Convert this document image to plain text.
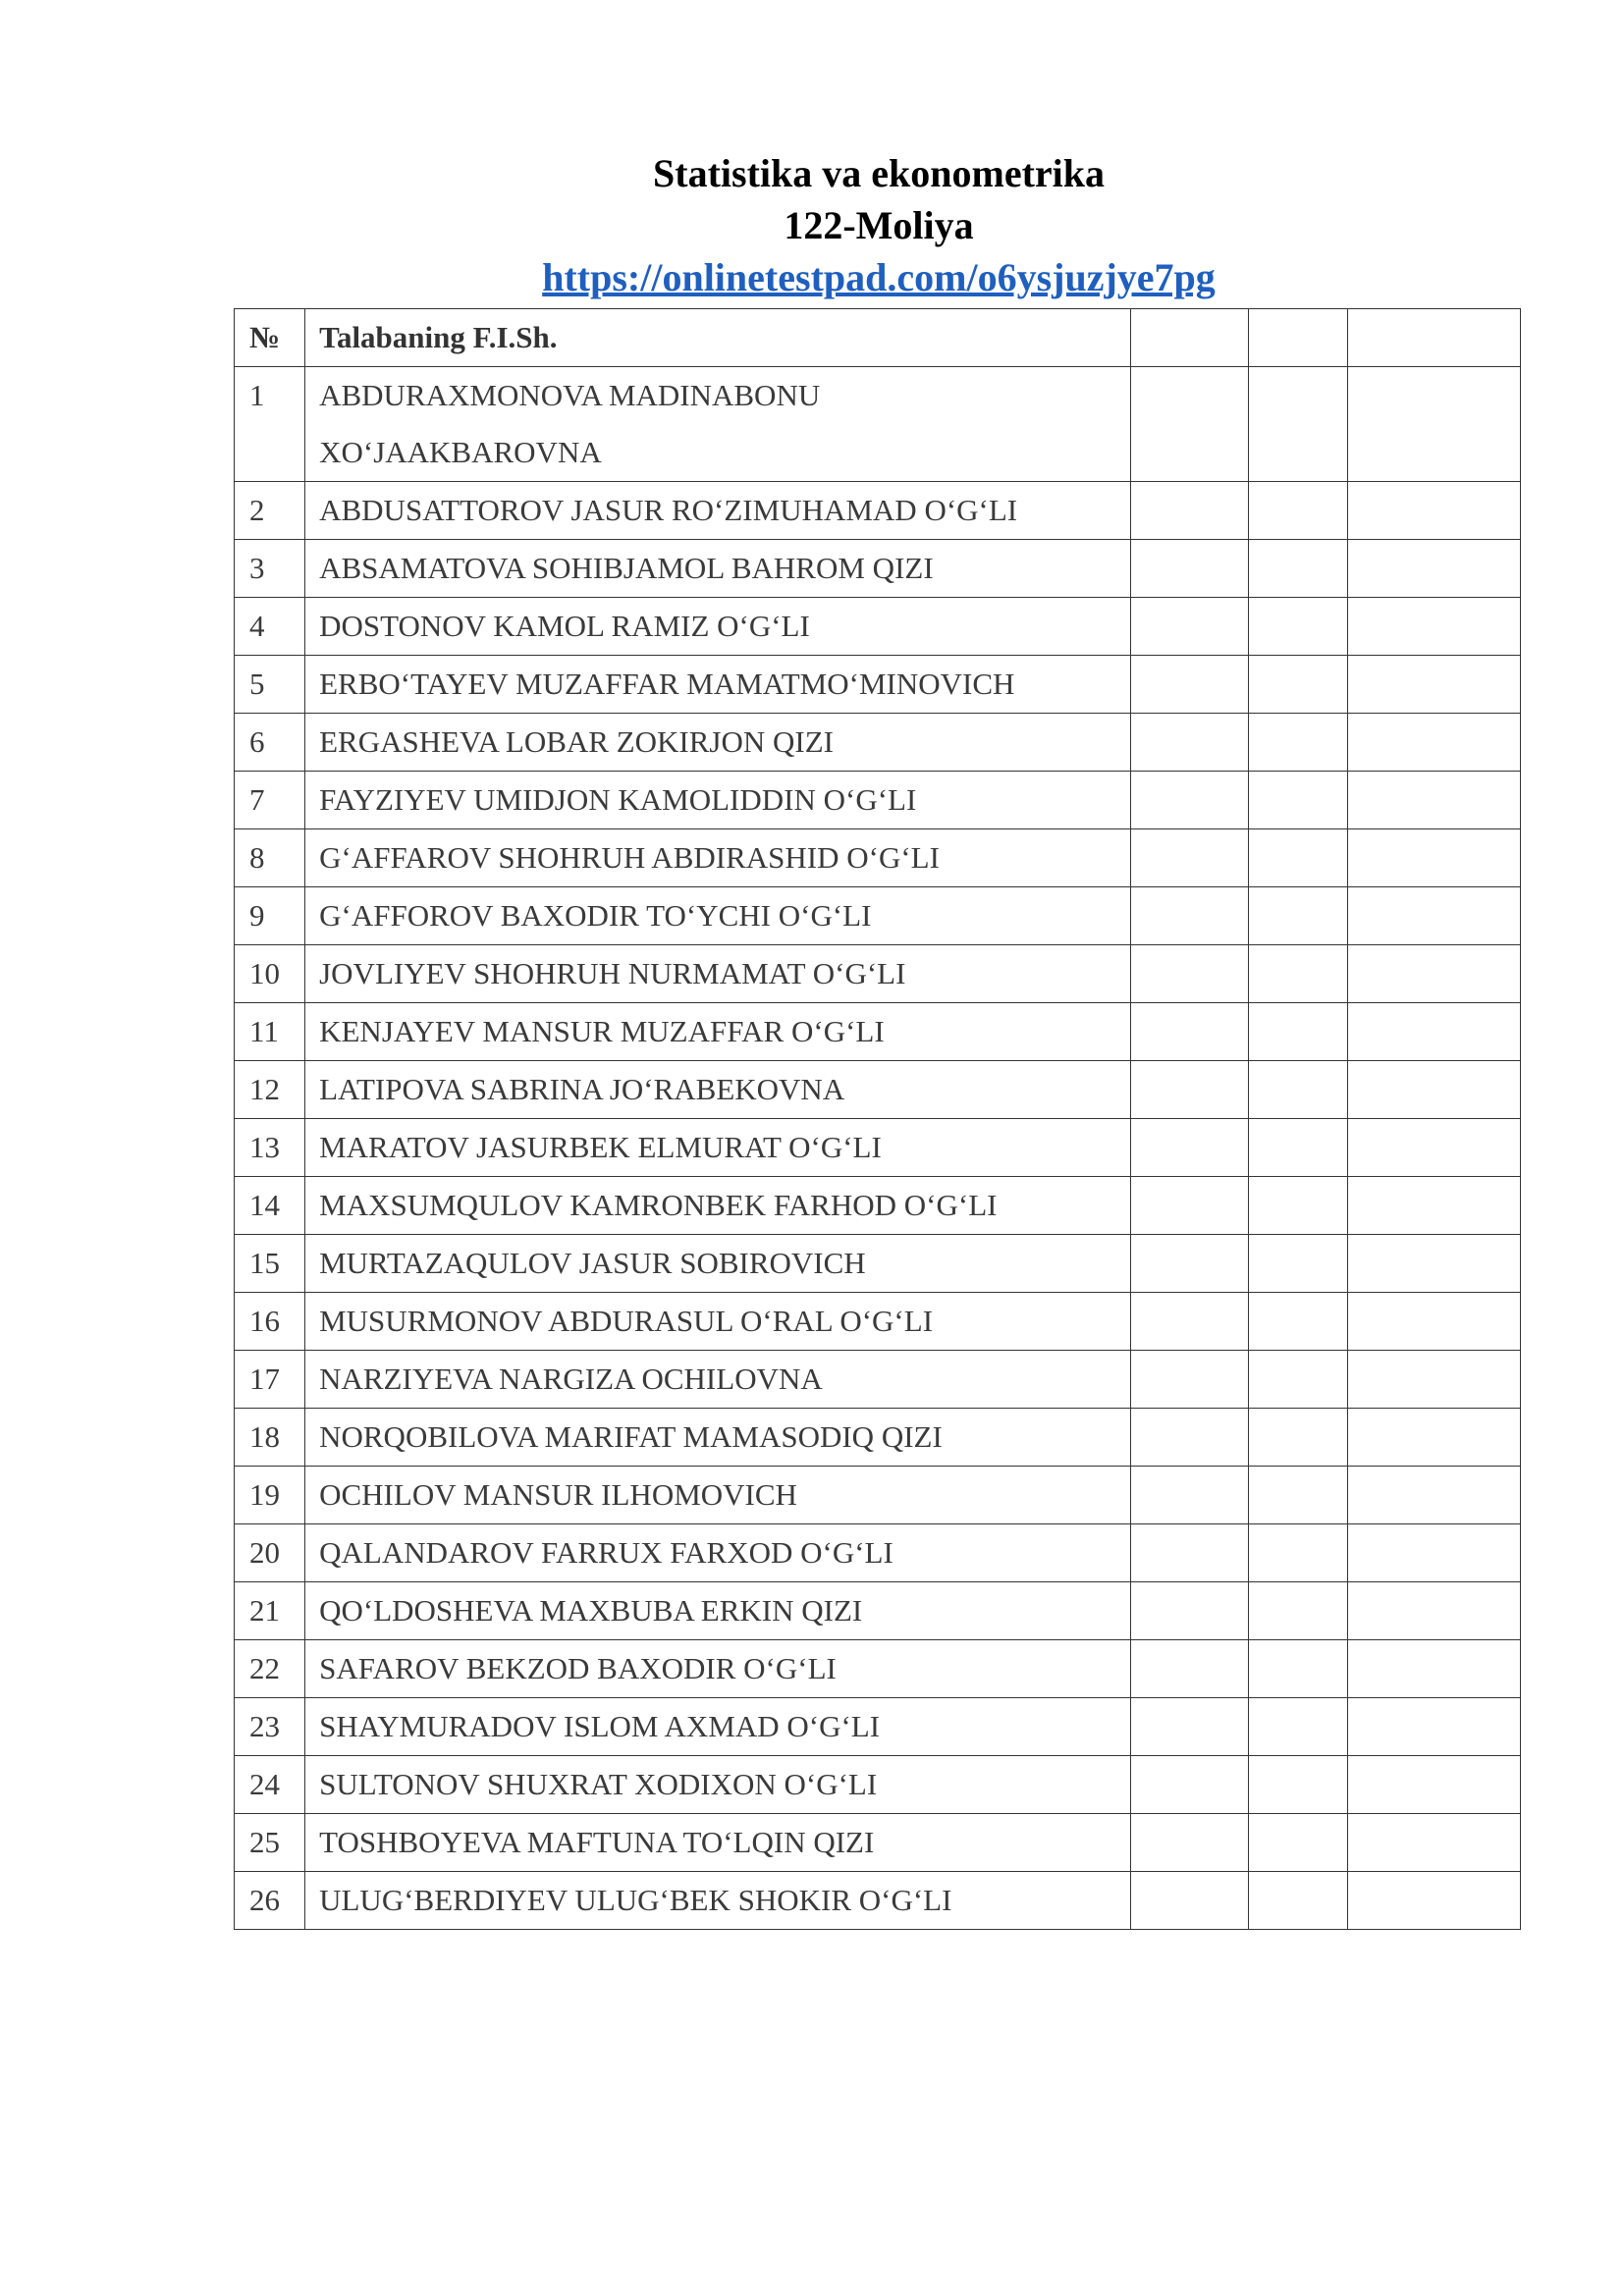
Statistika va ekonometrika
122-Moliya
https://onlinetestpad.com/o6ysjuzjye7pg
№	Talabaning F.I.Sh.			
1	ABDURAXMONOVA MADINABONU XO‘JAAKBAROVNA			

2	ABDUSATTOROV JASUR RO‘ZIMUHAMAD O‘G‘LI			
3	ABSAMATOVA SOHIBJAMOL BAHROM QIZI			
4	DOSTONOV KAMOL RAMIZ O‘G‘LI			
5	ERBO‘TAYEV MUZAFFAR MAMATMO‘MINOVICH			
6	ERGASHEVA LOBAR ZOKIRJON QIZI			
7	FAYZIYEV UMIDJON KAMOLIDDIN O‘G‘LI			
8	G‘AFFAROV SHOHRUH ABDIRASHID O‘G‘LI			
9	G‘AFFOROV BAXODIR TO‘YCHI O‘G‘LI			
10	JOVLIYEV SHOHRUH NURMAMAT O‘G‘LI			
11	KENJAYEV MANSUR MUZAFFAR O‘G‘LI			
12	LATIPOVA SABRINA JO‘RABEKOVNA			
13	MARATOV JASURBEK ELMURAT O‘G‘LI			
14	MAXSUMQULOV KAMRONBEK FARHOD O‘G‘LI			
15	MURTAZAQULOV JASUR SOBIROVICH			
16	MUSURMONOV ABDURASUL O‘RAL O‘G‘LI			
17	NARZIYEVA NARGIZA OCHILOVNA			
18	NORQOBILOVA MARIFAT MAMASODIQ QIZI			
19	OCHILOV MANSUR ILHOMOVICH			
20	QALANDAROV FARRUX FARXOD O‘G‘LI			
21	QO‘LDOSHEVA MAXBUBA ERKIN QIZI			
22	SAFAROV BEKZOD BAXODIR O‘G‘LI			
23	SHAYMURADOV ISLOM AXMAD O‘G‘LI			
24	SULTONOV SHUXRAT XODIXON O‘G‘LI			
25	TOSHBOYEVA MAFTUNA TO‘LQIN QIZI			
26	ULUG‘BERDIYEV ULUG‘BEK SHOKIR O‘G‘LI			
